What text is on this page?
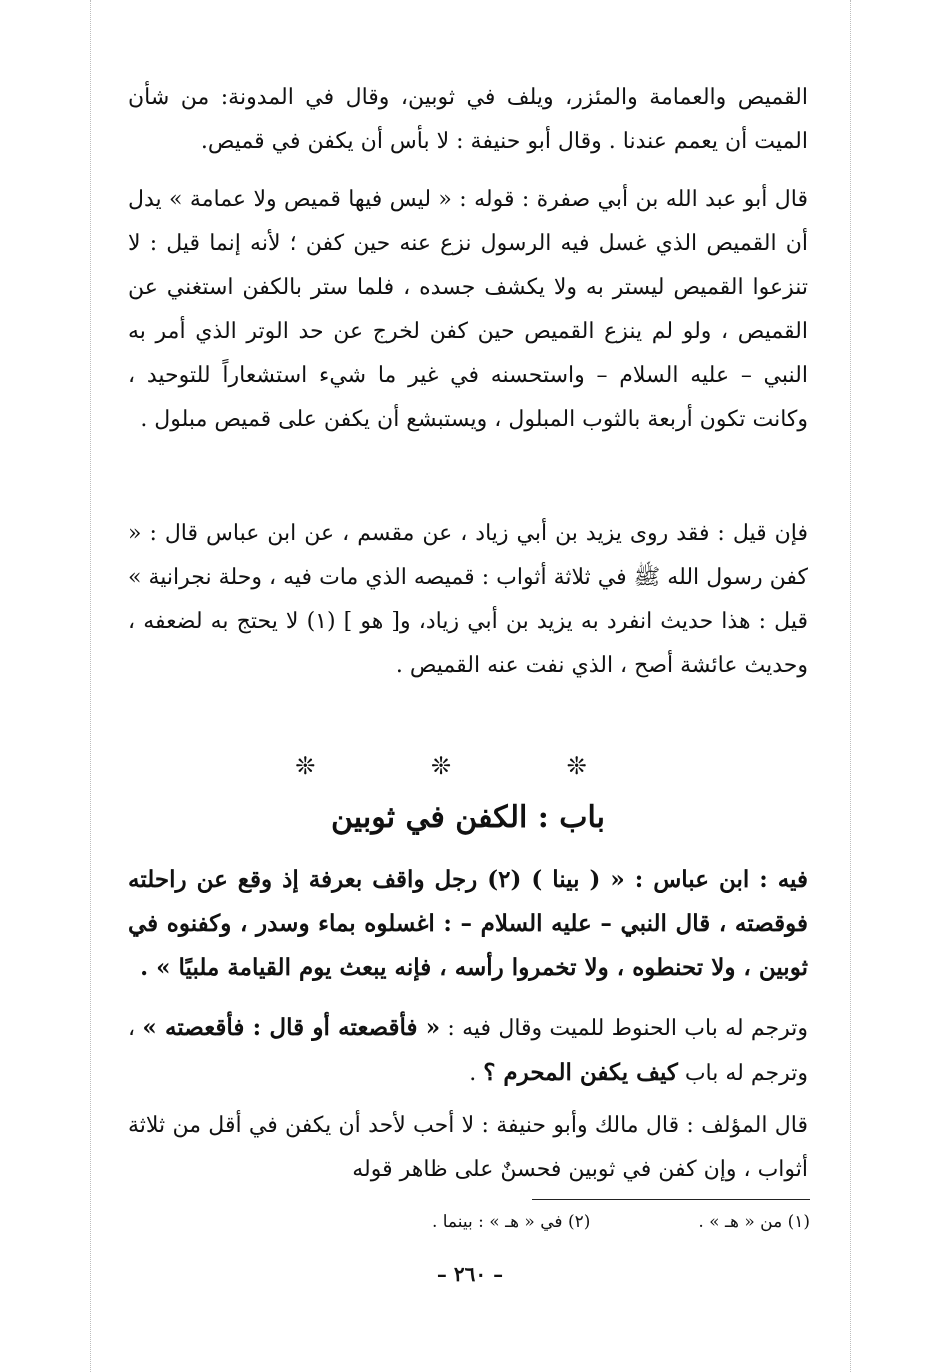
القميص والعمامة والمئزر، ويلف في ثوبين، وقال في المدونة: من شأن الميت أن يعمم عندنا . وقال أبو حنيفة : لا بأس أن يكفن في قميص.
قال أبو عبد الله بن أبي صفرة : قوله : « ليس فيها قميص ولا عمامة » يدل أن القميص الذي غسل فيه الرسول نزع عنه حين كفن ؛ لأنه إنما قيل : لا تنزعوا القميص ليستر به ولا يكشف جسده ، فلما ستر بالكفن استغني عن القميص ، ولو لم ينزع القميص حين كفن لخرج عن حد الوتر الذي أمر به النبي – عليه السلام – واستحسنه في غير ما شيء استشعاراً للتوحيد ، وكانت تكون أربعة بالثوب المبلول ، ويستبشع أن يكفن على قميص مبلول .
فإن قيل : فقد روى يزيد بن أبي زياد ، عن مقسم ، عن ابن عباس قال : « كفن رسول الله ﷺ في ثلاثة أثواب : قميصه الذي مات فيه ، وحلة نجرانية » قيل : هذا حديث انفرد به يزيد بن أبي زياد، و[ هو ] (١) لا يحتج به لضعفه ، وحديث عائشة أصح ، الذي نفت عنه القميص .
❊ ❊ ❊
باب : الكفن في ثوبين
فيه : ابن عباس : « ( بينا ) (٢) رجل واقف بعرفة إذ وقع عن راحلته فوقصته ، قال النبي – عليه السلام – : اغسلوه بماء وسدر ، وكفنوه في ثوبين ، ولا تحنطوه ، ولا تخمروا رأسه ، فإنه يبعث يوم القيامة ملبيًا » .
وترجم له باب الحنوط للميت وقال فيه : « فأقصعته أو قال : فأقعصته » ، وترجم له باب كيف يكفن المحرم ؟ .
قال المؤلف : قال مالك وأبو حنيفة : لا أحب لأحد أن يكفن في أقل من ثلاثة أثواب ، وإن كفن في ثوبين فحسنٌ على ظاهر قوله
(١) من « هـ » .
(٢) في « هـ » : بينما .
– ٢٦٠ –
